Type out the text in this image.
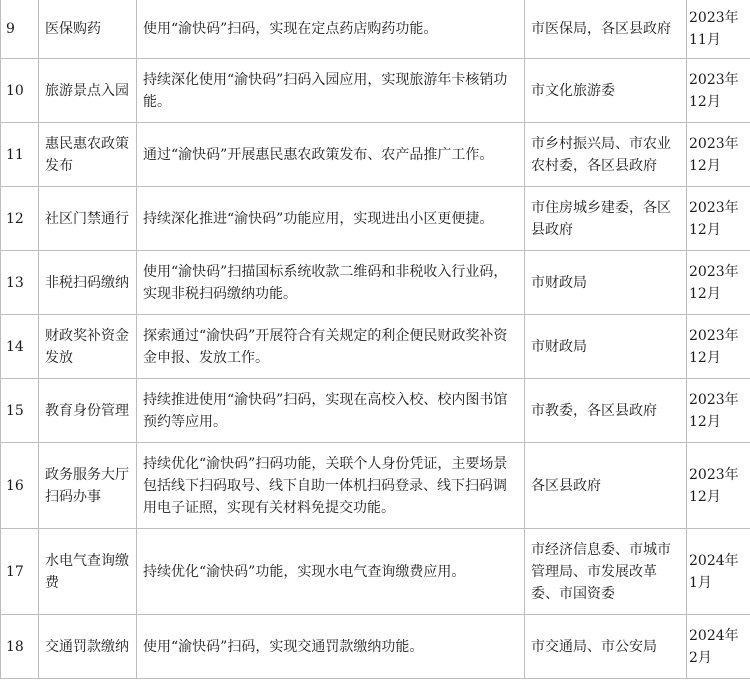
9	医保购药	使用“渝快码”扫码，实现在定点药店购药功能。	市医保局，各区县政府	2023年
11月

10	旅游景点入园	持续深化使用“渝快码”扫码入园应用，实现旅游年卡核销功能。	市文化旅游委	2023年
12月

11	惠民惠农政策发布	通过“渝快码”开展惠民惠农政策发布、农产品推广工作。	市乡村振兴局、市农业农村委，各区县政府	2023年
12月

12	社区门禁通行	持续深化推进“渝快码”功能应用，实现进出小区更便捷。	市住房城乡建委，各区县政府	2023年
12月

13	非税扫码缴纳	使用“渝快码”扫描国标系统收款二维码和非税收入行业码，实现非税扫码缴纳功能。	市财政局	2023年
12月

14	财政奖补资金发放	探索通过“渝快码”开展符合有关规定的利企便民财政奖补资金申报、发放工作。	市财政局	2023年
12月

15	教育身份管理	持续推进使用“渝快码”扫码，实现在高校入校、校内图书馆预约等应用。	市教委，各区县政府	2023年
12月

16	政务服务大厅扫码办事	持续优化“渝快码”扫码功能，关联个人身份凭证，主要场景包括线下扫码取号、线下自助一体机扫码登录、线下扫码调用电子证照，实现有关材料免提交功能。	各区县政府	2023年
12月

17	水电气查询缴费	持续优化“渝快码”功能，实现水电气查询缴费应用。	市经济信息委、市城市管理局、市发展改革委、市国资委	2024年
1月

18	交通罚款缴纳	使用“渝快码”扫码，实现交通罚款缴纳功能。	市交通局、市公安局	2024年
2月
